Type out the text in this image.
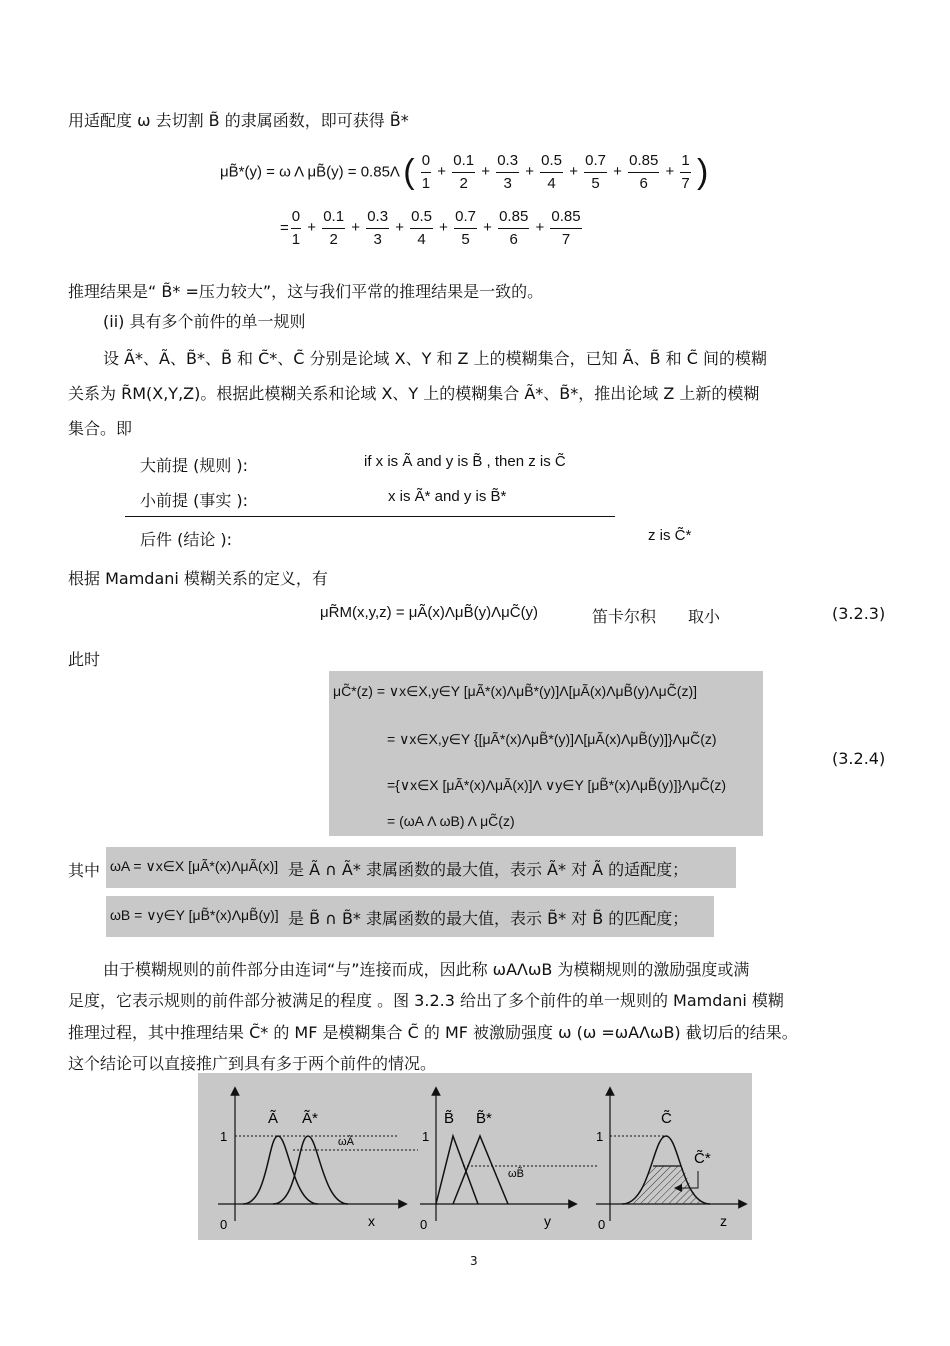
用适配度 ω 去切割 B̃ 的隶属函数，即可获得 B̃*
μB̃*(y) = ω Λ μB̃(y) = 0.85Λ ( $\frac{0}{1} + \frac{0.1}{2} + \frac{0.3}{3} + \frac{0.5}{4} + \frac{0.7}{5} + \frac{0.85}{6} + \frac{1}{7}$ )
= $\frac{0}{1} + \frac{0.1}{2} + \frac{0.3}{3} + \frac{0.5}{4} + \frac{0.7}{5} + \frac{0.85}{6} + \frac{0.85}{7}$
推理结果是“ B̃* =压力较大”，这与我们平常的推理结果是一致的。
(ii) 具有多个前件的单一规则
设 Ã*、Ã、B̃*、B̃ 和 C̃*、C̃ 分别是论域 X、Y 和 Z 上的模糊集合，已知 Ã、B̃ 和 C̃ 间的模糊
关系为 R̃M(X,Y,Z)。根据此模糊关系和论域 X、Y 上的模糊集合 Ã*、B̃*，推出论域 Z 上新的模糊
集合。即
大前提 (规则 ):	if x is Ã and y is B̃ , then z is C̃
小前提 (事实 ):	x is Ã* and y is B̃*
后件 (结论 ):	z is C̃*
根据 Mamdani 模糊关系的定义，有
μR̃M(x,y,z) = μÃ(x)ΛμB̃(y)ΛμC̃(y)	笛卡尔积 取小	(3.2.3)
此时
μC̃*(z) = ∨x∈X,y∈Y [μÃ*(x)ΛμB̃*(y)]Λ[μÃ(x)ΛμB̃(y)ΛμC̃(z)]
= ∨x∈X,y∈Y {[μÃ*(x)ΛμB̃*(y)]Λ[μÃ(x)ΛμB̃(y)]}ΛμC̃(z)
={∨x∈X [μÃ*(x)ΛμÃ(x)]Λ ∨y∈Y [μB̃*(x)ΛμB̃(y)]}ΛμC̃(z)
= (ωA Λ ωB) Λ μC̃(z)
(3.2.4)
其中 ωA = ∨x∈X [μÃ*(x)ΛμÃ(x)] 是 Ã ∩ Ã* 隶属函数的最大值，表示 Ã* 对 Ã 的适配度；
ωB = ∨y∈Y [μB̃*(x)ΛμB̃(y)] 是 B̃ ∩ B̃* 隶属函数的最大值，表示 B̃* 对 B̃ 的匹配度；
由于模糊规则的前件部分由连词“与”连接而成，因此称 ωAΛωB 为模糊规则的激励强度或满
足度，它表示规则的前件部分被满足的程度 。图 3.2.3 给出了多个前件的单一规则的 Mamdani 模糊
推理过程，其中推理结果 C̃* 的 MF 是模糊集合 C̃ 的 MF 被激励强度 ω (ω =ωAΛωB) 截切后的结果。
这个结论可以直接推广到具有多于两个前件的情况。
1
0	x
Ã Ã*
ωÃ	1
0	y
B̃ B̃*
ωB̃
1
0	z
C̃
C̃*
3
